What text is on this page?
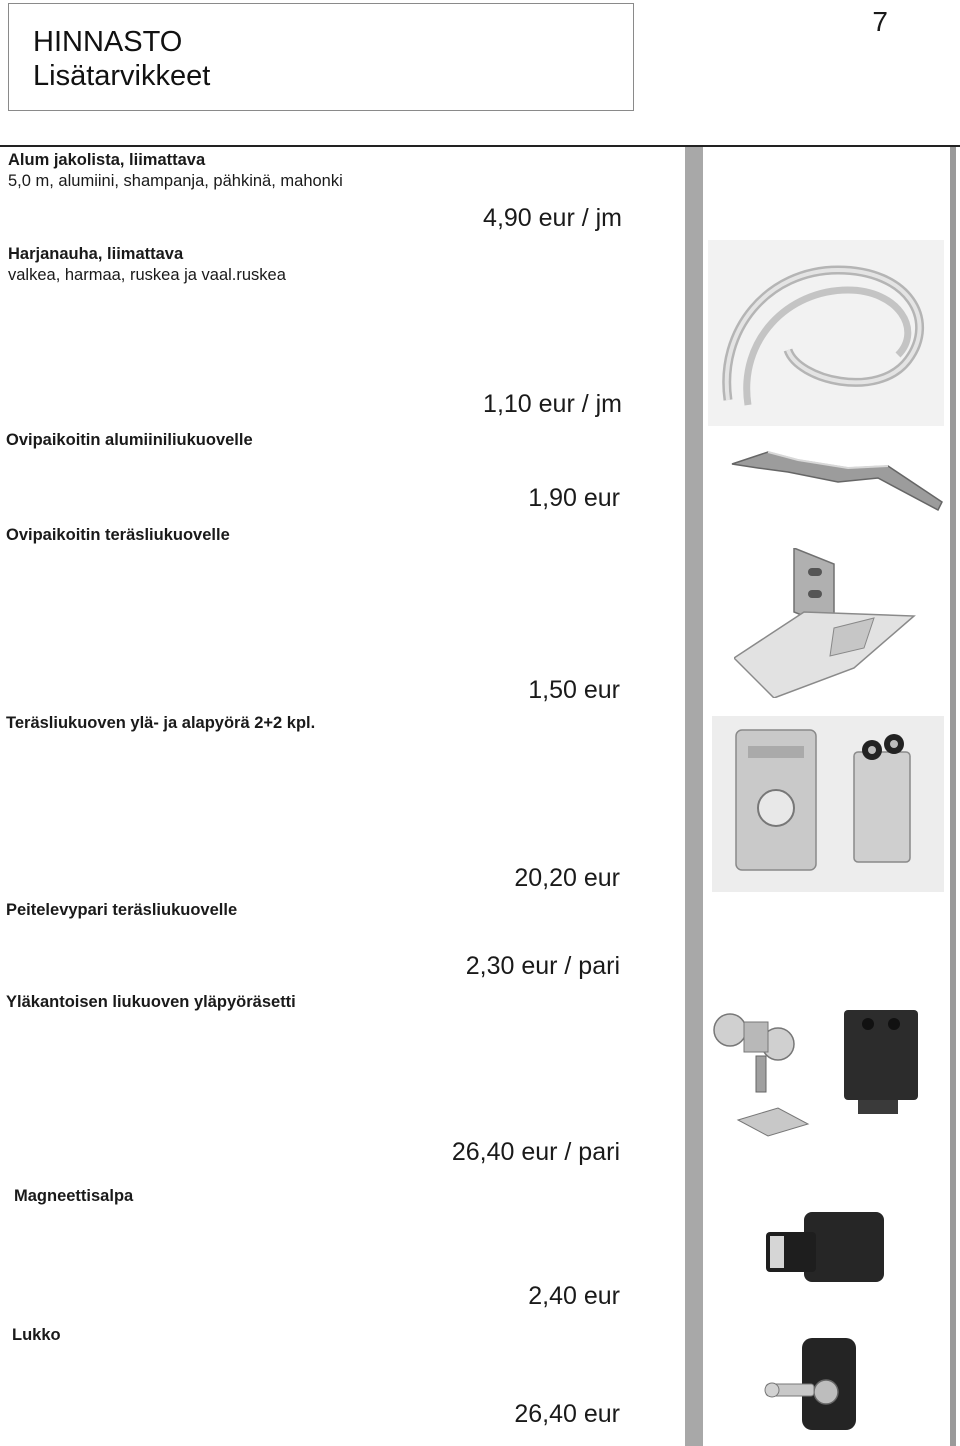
HINNASTO
Lisätarvikkeet
7
Alum jakolista, liimattava
5,0 m, alumiini, shampanja, pähkinä, mahonki
4,90 eur / jm
Harjanauha, liimattava
valkea, harmaa, ruskea ja vaal.ruskea
1,10 eur / jm
Ovipaikoitin alumiiniliukuovelle
1,90 eur
Ovipaikoitin teräsliukuovelle
1,50 eur
Teräsliukuoven ylä- ja alapyörä 2+2 kpl.
20,20 eur
Peitelevypari teräsliukuovelle
2,30 eur / pari
Yläkantoisen liukuoven yläpyöräsetti
26,40 eur / pari
Magneettisalpa
2,40 eur
Lukko
26,40 eur
